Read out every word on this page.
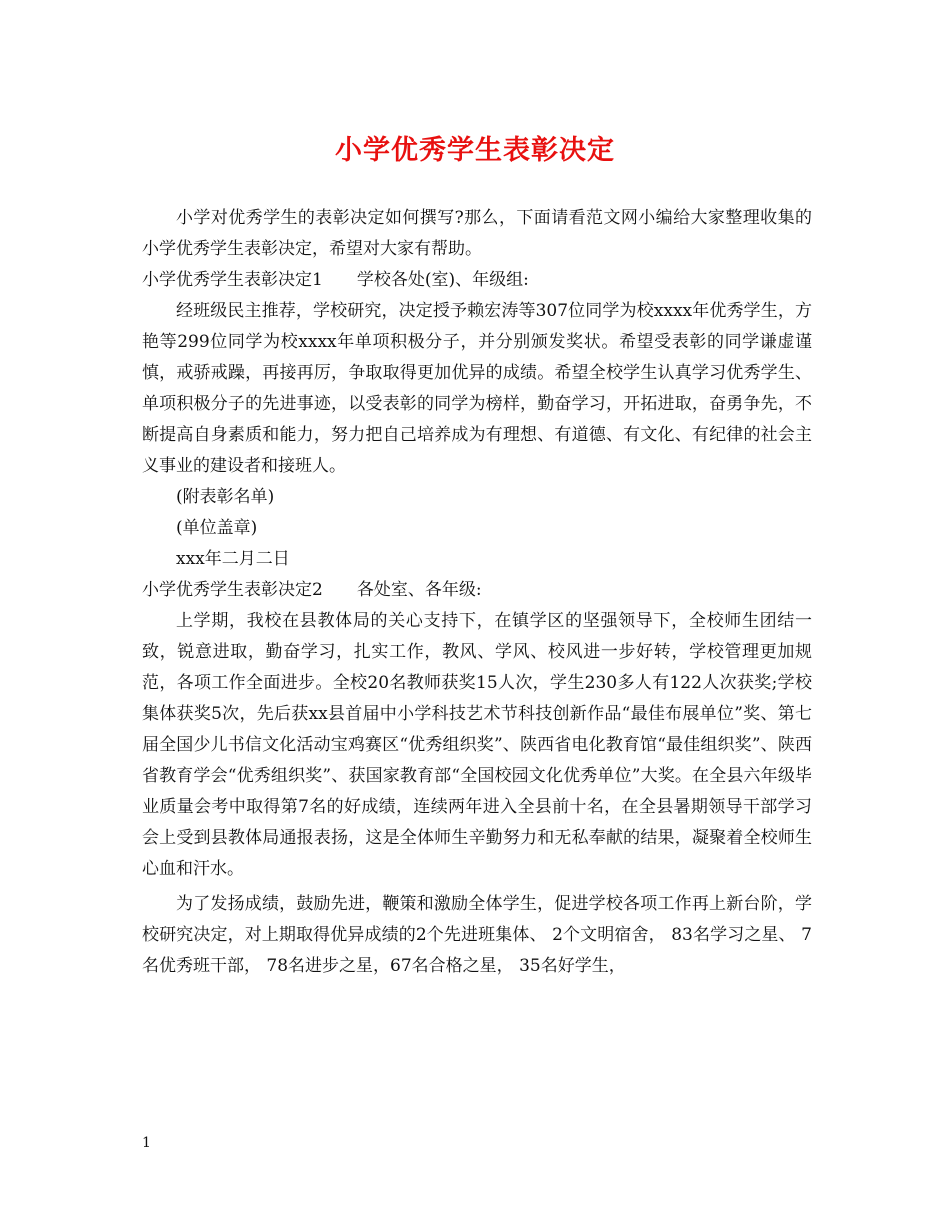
小学优秀学生表彰决定

小学对优秀学生的表彰决定如何撰写?那么，下面请看范文网小编给大家整理收集的小学优秀学生表彰决定，希望对大家有帮助。

小学优秀学生表彰决定1　　学校各处(室)、年级组:

经班级民主推荐，学校研究，决定授予赖宏涛等307位同学为校xxxx年优秀学生，方艳等299位同学为校xxxx年单项积极分子，并分别颁发奖状。希望受表彰的同学谦虚谨慎，戒骄戒躁，再接再厉，争取取得更加优异的成绩。希望全校学生认真学习优秀学生、单项积极分子的先进事迹，以受表彰的同学为榜样，勤奋学习，开拓进取，奋勇争先，不断提高自身素质和能力，努力把自己培养成为有理想、有道德、有文化、有纪律的社会主义事业的建设者和接班人。

(附表彰名单)

(单位盖章)

xxx年二月二日

小学优秀学生表彰决定2　　各处室、各年级:

上学期，我校在县教体局的关心支持下，在镇学区的坚强领导下，全校师生团结一致，锐意进取，勤奋学习，扎实工作，教风、学风、校风进一步好转，学校管理更加规范，各项工作全面进步。全校20名教师获奖15人次，学生230多人有122人次获奖;学校集体获奖5次，先后获xx县首届中小学科技艺术节科技创新作品“最佳布展单位”奖、第七届全国少儿书信文化活动宝鸡赛区“优秀组织奖”、陕西省电化教育馆“最佳组织奖”、陕西省教育学会“优秀组织奖”、获国家教育部“全国校园文化优秀单位”大奖。在全县六年级毕业质量会考中取得第7名的好成绩，连续两年进入全县前十名，在全县暑期领导干部学习会上受到县教体局通报表扬，这是全体师生辛勤努力和无私奉献的结果，凝聚着全校师生心血和汗水。

为了发扬成绩，鼓励先进，鞭策和激励全体学生，促进学校各项工作再上新台阶，学校研究决定，对上期取得优异成绩的2个先进班集体、 2个文明宿舍， 83名学习之星、 7名优秀班干部， 78名进步之星，67名合格之星， 35名好学生，

1
